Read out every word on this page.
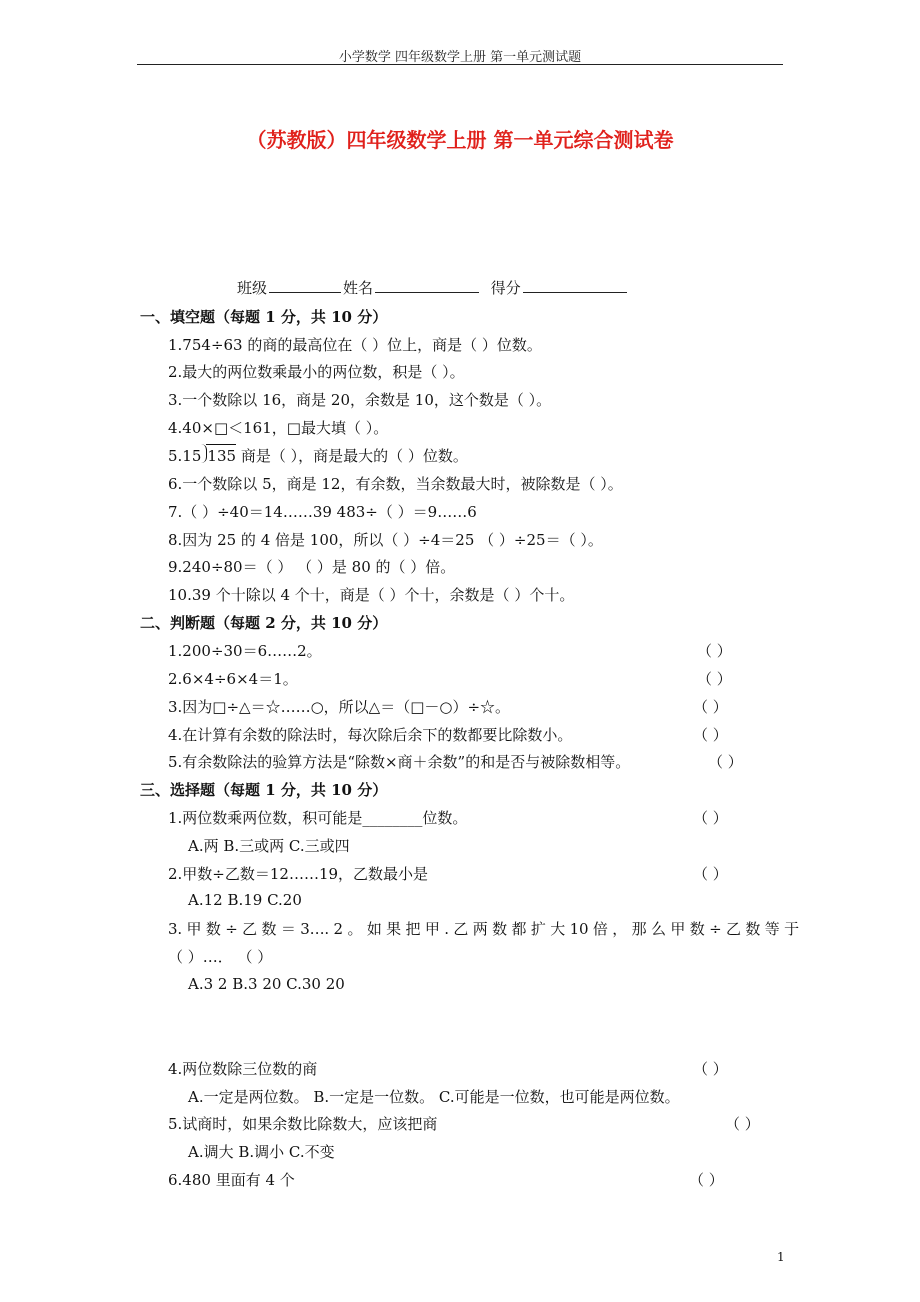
小学数学 四年级数学上册 第一单元测试题
（苏教版）四年级数学上册 第一单元综合测试卷
班级	姓名	得分
一、填空题（每题 1 分，共 10 分）
1.754÷63 的商的最高位在（ ）位上，商是（ ）位数。
2.最大的两位数乘最小的两位数，积是（ ）。
3.一个数除以 16，商是 20，余数是 10，这个数是（ ）。
4.40×□＜161，□最大填（ ）。
5.15 135 商是（ ），商是最大的（ ）位数。
6.一个数除以 5，商是 12，有余数，当余数最大时，被除数是（ ）。
7.（ ）÷40＝14……39 483÷（ ）＝9……6
8.因为 25 的 4 倍是 100，所以（ ）÷4＝25 （ ）÷25＝（ ）。
9.240÷80＝（ ） （ ）是 80 的（ ）倍。
10.39 个十除以 4 个十，商是（ ）个十，余数是（ ）个十。
二、判断题（每题 2 分，共 10 分）
1.200÷30＝6……2。	（ ）
2.6×4÷6×4＝1。	（ ）
3.因为□÷△＝☆……○，所以△＝（□－○）÷☆。	（ ）
4.在计算有余数的除法时，每次除后余下的数都要比除数小。	（ ）
5.有余数除法的验算方法是“除数×商＋余数”的和是否与被除数相等。	（ ）
三、选择题（每题 1 分，共 10 分）
1.两位数乘两位数，积可能是________位数。	（ ）
A.两 B.三或两 C.三或四
2.甲数÷乙数＝12……19，乙数最小是	（ ）
A.12 B.19 C.20
3. 甲 数 ÷ 乙 数 ＝ 3…. 2 。 如 果 把 甲 . 乙 两 数 都 扩 大 10 倍 ， 那 么 甲 数 ÷ 乙 数 等 于
（ ）…． （ ）
A.3 2 B.3 20 C.30 20
4.两位数除三位数的商	（ ）
A.一定是两位数。 B.一定是一位数。 C.可能是一位数，也可能是两位数。
5.试商时，如果余数比除数大，应该把商	（ ）
A.调大 B.调小 C.不变
6.480 里面有 4 个	（ ）
1
